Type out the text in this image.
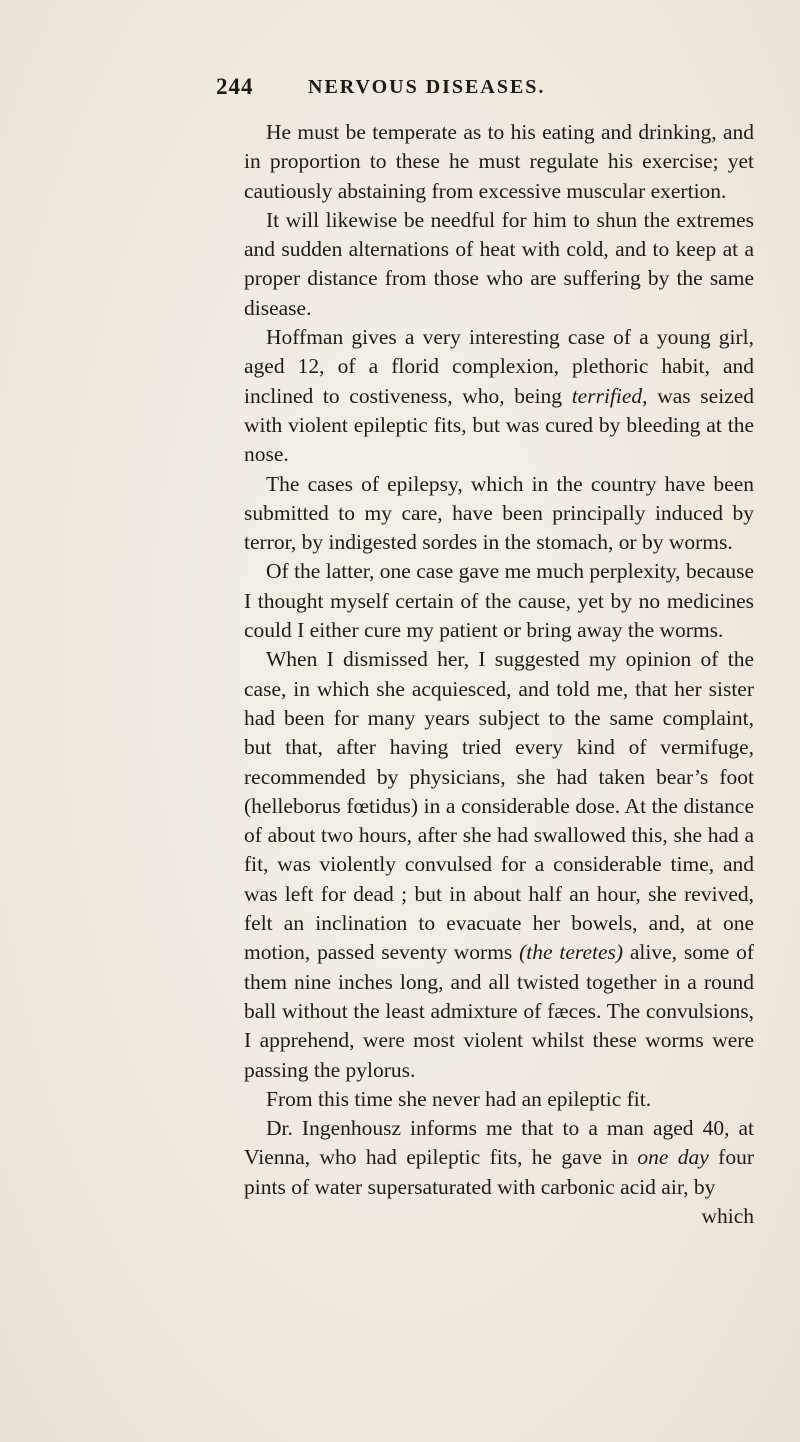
244	NERVOUS DISEASES.

He must be temperate as to his eating and drinking, and in proportion to these he must regulate his exercise; yet cautiously abstaining from excessive muscular exertion.

It will likewise be needful for him to shun the extremes and sudden alternations of heat with cold, and to keep at a proper distance from those who are suffering by the same disease.

Hoffman gives a very interesting case of a young girl, aged 12, of a florid complexion, plethoric habit, and inclined to costiveness, who, being terrified, was seized with violent epileptic fits, but was cured by bleeding at the nose.

The cases of epilepsy, which in the country have been submitted to my care, have been principally induced by terror, by indigested sordes in the stomach, or by worms.

Of the latter, one case gave me much perplexity, because I thought myself certain of the cause, yet by no medicines could I either cure my patient or bring away the worms.

When I dismissed her, I suggested my opinion of the case, in which she acquiesced, and told me, that her sister had been for many years subject to the same complaint, but that, after having tried every kind of vermifuge, recommended by physicians, she had taken bear’s foot (helleborus fœtidus) in a considerable dose. At the distance of about two hours, after she had swallowed this, she had a fit, was violently convulsed for a considerable time, and was left for dead ; but in about half an hour, she revived, felt an inclination to evacuate her bowels, and, at one motion, passed seventy worms (the teretes) alive, some of them nine inches long, and all twisted together in a round ball without the least admixture of fæces. The convulsions, I apprehend, were most violent whilst these worms were passing the pylorus.

From this time she never had an epileptic fit.

Dr. Ingenhousz informs me that to a man aged 40, at Vienna, who had epileptic fits, he gave in one day four pints of water supersaturated with carbonic acid air, by

which
